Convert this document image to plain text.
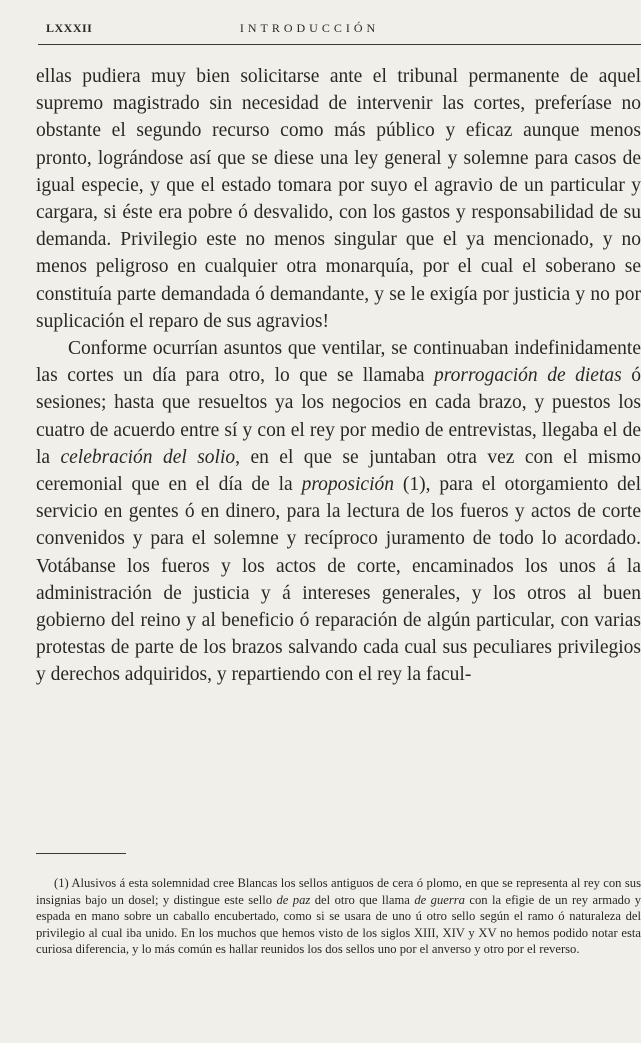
LXXXII	INTRODUCCIÓN

ellas pudiera muy bien solicitarse ante el tribunal permanente de aquel supremo magistrado sin necesidad de intervenir las cortes, preferíase no obstante el segundo recurso como más público y eficaz aunque menos pronto, lográndose así que se diese una ley general y solemne para casos de igual especie, y que el estado tomara por suyo el agravio de un particular y cargara, si éste era pobre ó desvalido, con los gastos y responsabilidad de su demanda. Privilegio este no menos singular que el ya mencionado, y no menos peligroso en cualquier otra monarquía, por el cual el soberano se constituía parte demandada ó demandante, y se le exigía por justicia y no por suplicación el reparo de sus agravios!

Conforme ocurrían asuntos que ventilar, se continuaban indefinidamente las cortes un día para otro, lo que se llamaba prorrogación de dietas ó sesiones; hasta que resueltos ya los negocios en cada brazo, y puestos los cuatro de acuerdo entre sí y con el rey por medio de entrevistas, llegaba el de la celebración del solio, en el que se juntaban otra vez con el mismo ceremonial que en el día de la proposición (1), para el otorgamiento del servicio en gentes ó en dinero, para la lectura de los fueros y actos de corte convenidos y para el solemne y recíproco juramento de todo lo acordado. Votábanse los fueros y los actos de corte, encaminados los unos á la administración de justicia y á intereses generales, y los otros al buen gobierno del reino y al beneficio ó reparación de algún particular, con varias protestas de parte de los brazos salvando cada cual sus peculiares privilegios y derechos adquiridos, y repartiendo con el rey la facul-

(1) Alusivos á esta solemnidad cree Blancas los sellos antiguos de cera ó plomo, en que se representa al rey con sus insignias bajo un dosel; y distingue este sello de paz del otro que llama de guerra con la efigie de un rey armado y espada en mano sobre un caballo encubertado, como si se usara de uno ú otro sello según el ramo ó naturaleza del privilegio al cual iba unido. En los muchos que hemos visto de los siglos XIII, XIV y XV no hemos podido notar esta curiosa diferencia, y lo más común es hallar reunidos los dos sellos uno por el anverso y otro por el reverso.
